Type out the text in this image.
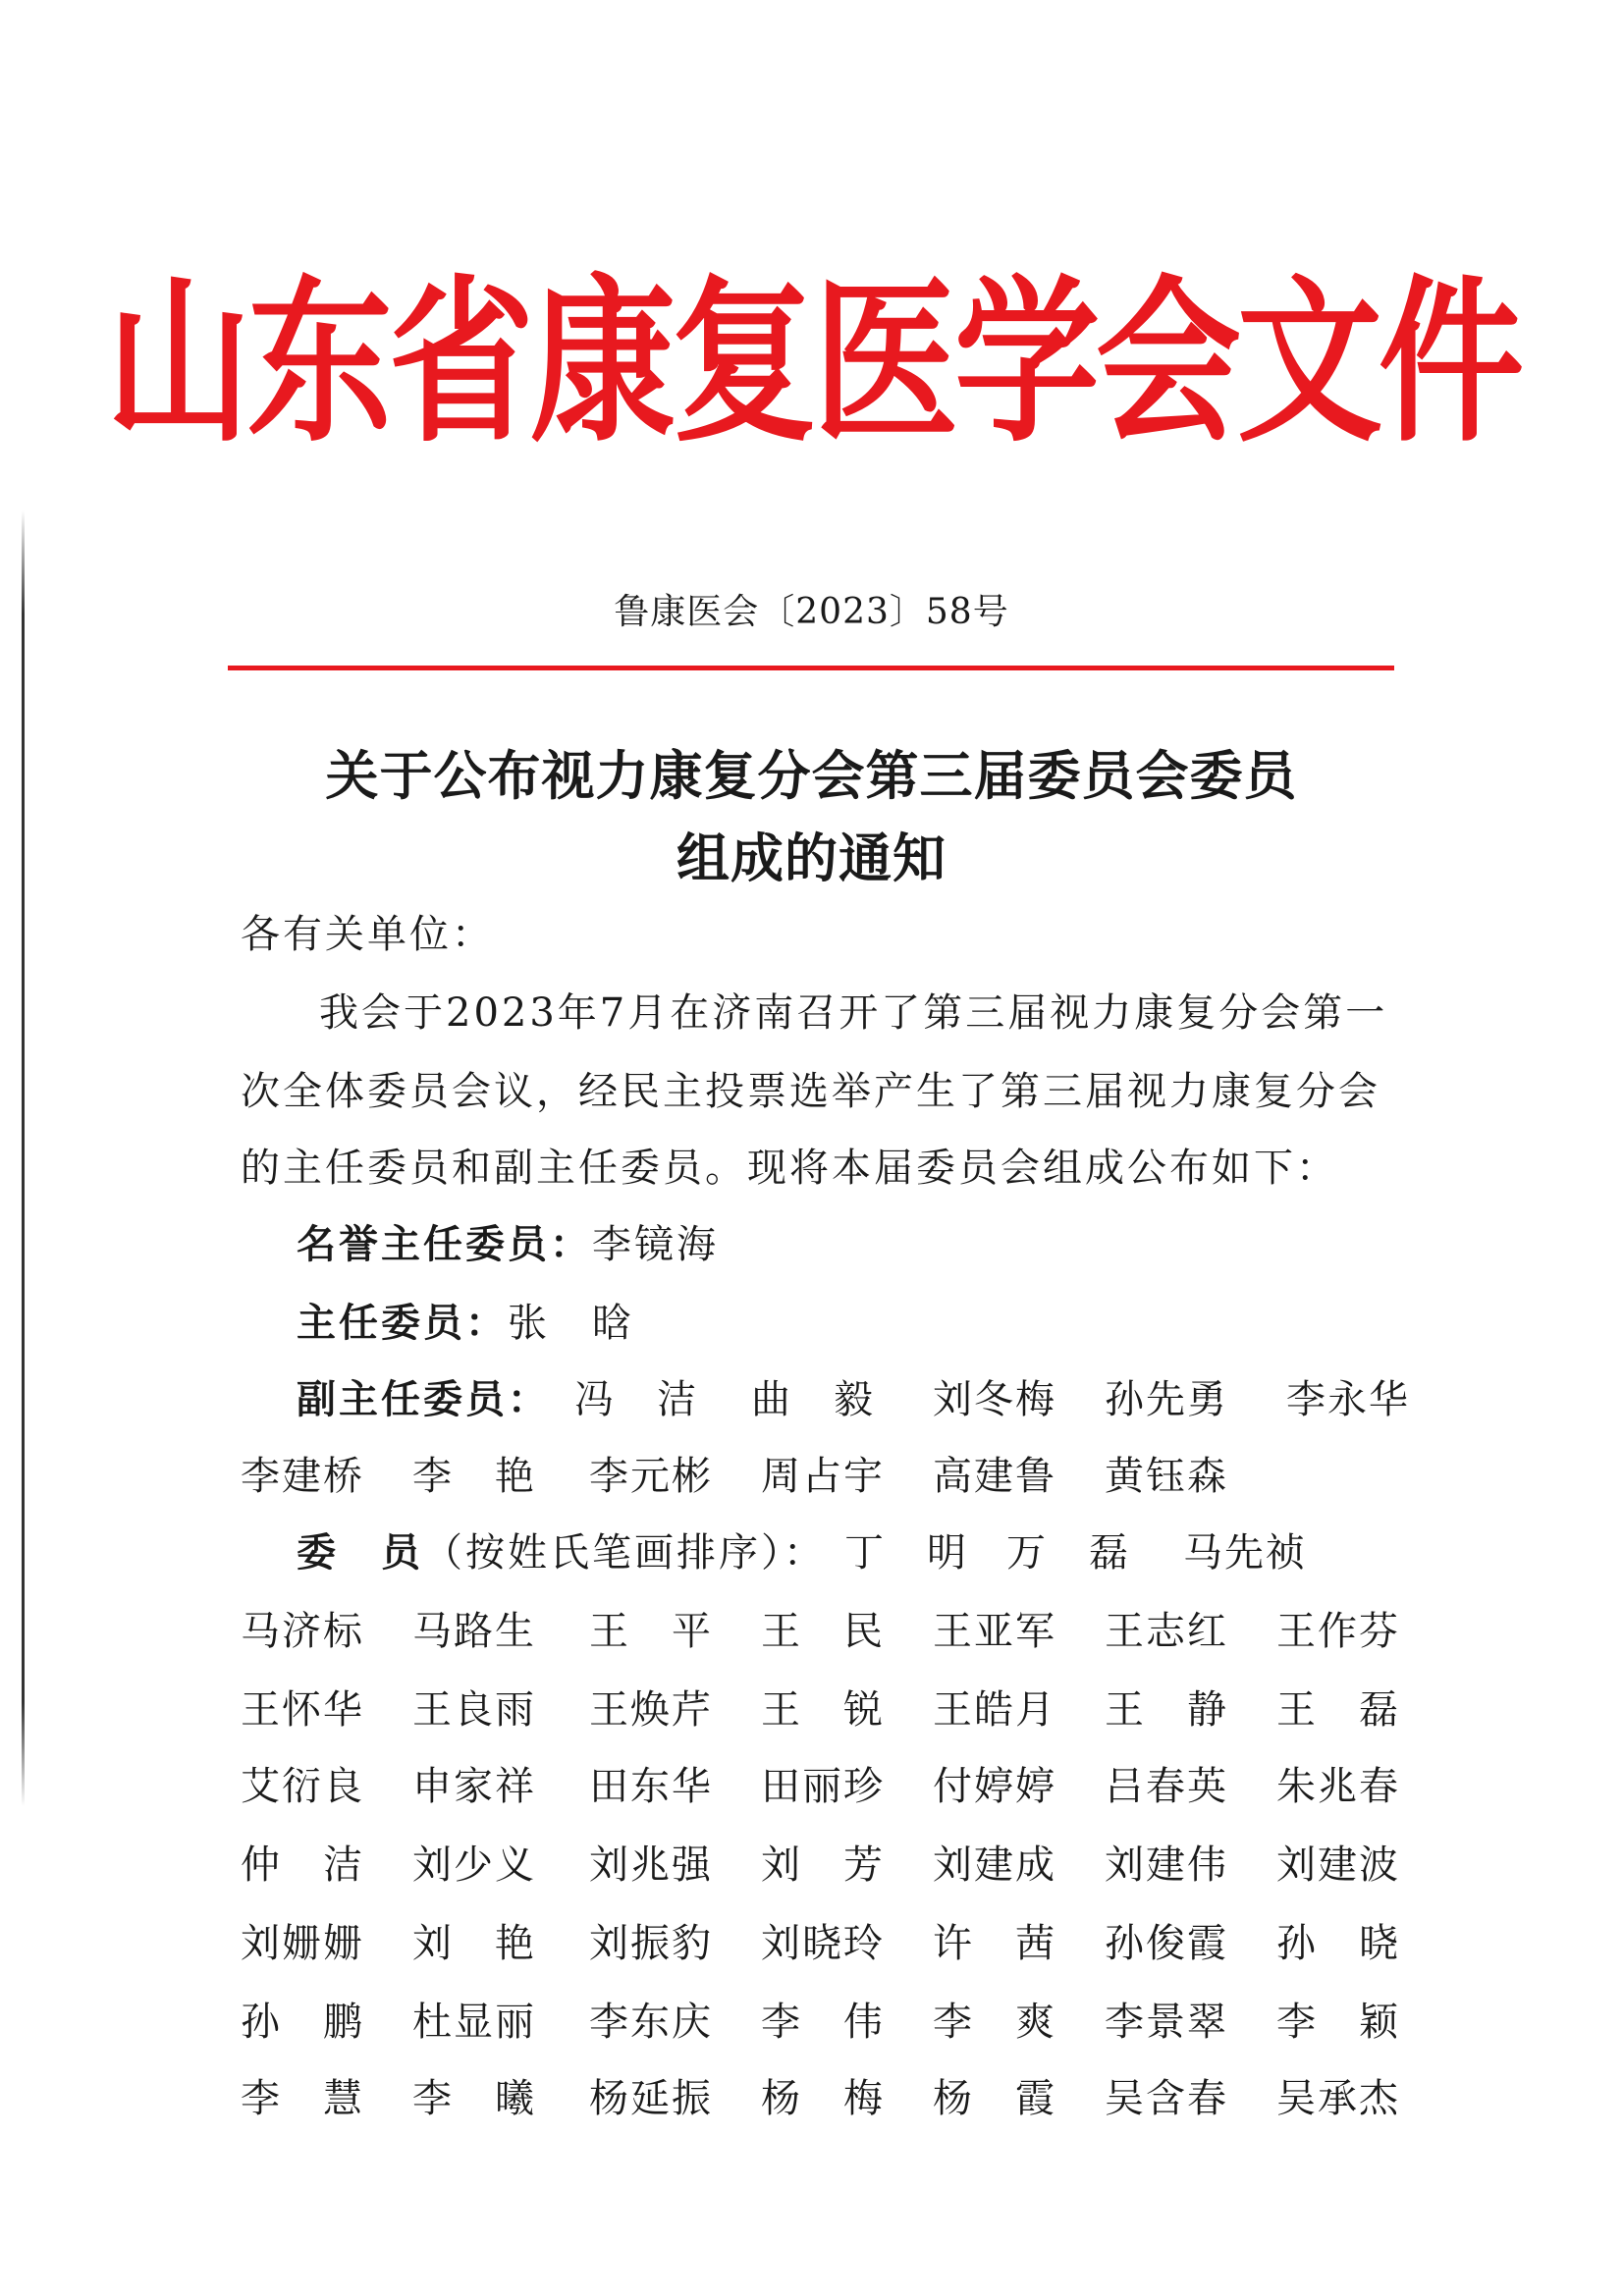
山东省康复医学会文件
鲁康医会〔2023〕58号
关于公布视力康复分会第三届委员会委员
组成的通知
各有关单位：
我会于2023年7月在济南召开了第三届视力康复分会第一
次全体委员会议，经民主投票选举产生了第三届视力康复分会
的主任委员和副主任委员。现将本届委员会组成公布如下：
名誉主任委员：李镜海
主任委员：张　晗
副主任委员： 冯 洁 曲 毅 刘 冬 梅 孙 先 勇 李 永 华
李 建 桥 李 艳 李 元 彬 周 占 宇 高 建 鲁 黄 钰 森
委　员（按姓氏笔画排序）： 丁 明 万 磊 马 先 祯
马 济 标 马 路 生 王 平 王 民 王 亚 军 王 志 红 王 作 芬
王 怀 华 王 良 雨 王 焕 芹 王 锐 王 皓 月 王 静 王 磊
艾 衍 良 申 家 祥 田 东 华 田 丽 珍 付 婷 婷 吕 春 英 朱 兆 春
仲 洁 刘 少 义 刘 兆 强 刘 芳 刘 建 成 刘 建 伟 刘 建 波
刘 姗 姗 刘 艳 刘 振 豹 刘 晓 玲 许 茜 孙 俊 霞 孙 晓
孙 鹏 杜 显 丽 李 东 庆 李 伟 李 爽 李 景 翠 李 颖
李 慧 李 曦 杨 延 振 杨 梅 杨 霞 吴 含 春 吴 承 杰
